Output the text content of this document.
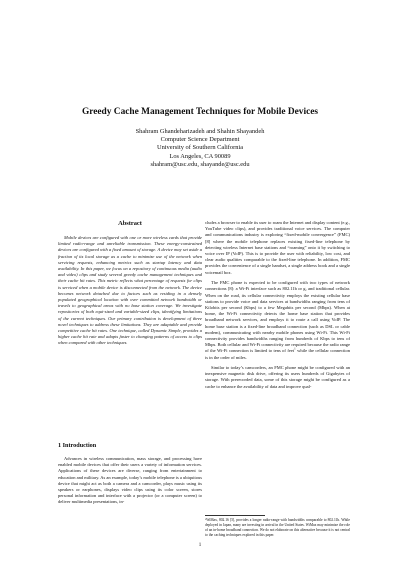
Greedy Cache Management Techniques for Mobile Devices
Shahram Ghandeharizadeh and Shahin Shayandeh
Computer Science Department
University of Southern California
Los Angeles, CA 90089
shahram@usc.edu, shayande@usc.edu
Abstract

Mobile devices are configured with one or more wireless cards that provide limited radio-range and unreliable transmission. These energy-constrained devices are configured with a fixed amount of storage. A device may set aside a fraction of its local storage as a cache to minimize use of the network when servicing requests, enhancing metrics such as startup latency and data availability. In this paper, we focus on a repository of continuous media (audio and video) clips and study several greedy cache management techniques and their cache hit rates. This metric reflects what percentage of requests for clips is serviced when a mobile device is disconnected from the network. The device becomes network detached due to factors such as residing in a densely populated geographical location with over committed network bandwidth or travels to geographical areas with no base station coverage. We investigate repositories of both equi-sized and variable-sized clips, identifying limitations of the current techniques. Our primary contribution is development of three novel techniques to address these limitations. They are adaptable and provide competitive cache hit rates. One technique, called Dynamic Simple, provides a higher cache hit rate and adapts faster to changing patterns of access to clips when compared with other techniques.

1 Introduction

Advances in wireless communication, mass storage, and processing have enabled mobile devices that offer their users a variety of information services. Applications of these devices are diverse, ranging from entertainment to education and military. As an example, today’s mobile telephone is a ubiquitous device that might act as both a camera and a camcorder, plays music using its speakers or earphones, displays video clips using its color screen, stores personal information and interface with a projector (or a computer screen) to deliver multimedia presentations, in-

cludes a browser to enable its user to roam the Internet and display content (e.g., YouTube video clips), and provides traditional voice services. The computer and communications industry is exploring “fixed-mobile convergence” (FMC) [8] where the mobile telephone replaces existing fixed-line telephone by detecting wireless Internet base stations and “roaming” onto it by switching to voice over IP (VoIP). This is to provide the user with reliability, low cost, and clear audio qualities comparable to the fixed-line telephone. In addition, FMC provides the convenience of a single handset, a single address book and a single voicemail box.

The FMC phone is expected to be configured with two types of network connections [8]: a Wi-Fi interface such as 802.11b or g, and traditional cellular. When on the road, its cellular connectivity employs the existing cellular base stations to provide voice and data services at bandwidths ranging from tens of Kilobits per second (Kbps) to a few Megabits per second (Mbps). When at home, the Wi-Fi connectivity detects the home base station that provides broadband network services, and employs it to route a call using VoIP. The home base station is a fixed-line broadband connection (such as DSL or cable modem), communicating with nearby mobile phones using Wi-Fi. This Wi-Fi connectivity provides bandwidths ranging from hundreds of Kbps to tens of Mbps. Both cellular and Wi-Fi connectivity are required because the radio range of the Wi-Fi connection is limited to tens of feet$^1$ while the cellular connection is in the order of miles.

Similar to today’s camcorders, an FMC phone might be configured with an inexpensive magnetic disk drive, offering its users hundreds of Gigabytes of storage. With prerecorded data, some of this storage might be configured as a cache to enhance the availability of data and improve qual-

¹WiMax, 802.16 [5], provides a longer radio-range with bandwidths comparable to 802.11b. While deployed in Japan, many are investing in arrival in the United States. WiMax may minimize the role of an in-home broadband connection. We do not elaborate on this alternative because it is not central to the caching techniques explored in this paper.
1
